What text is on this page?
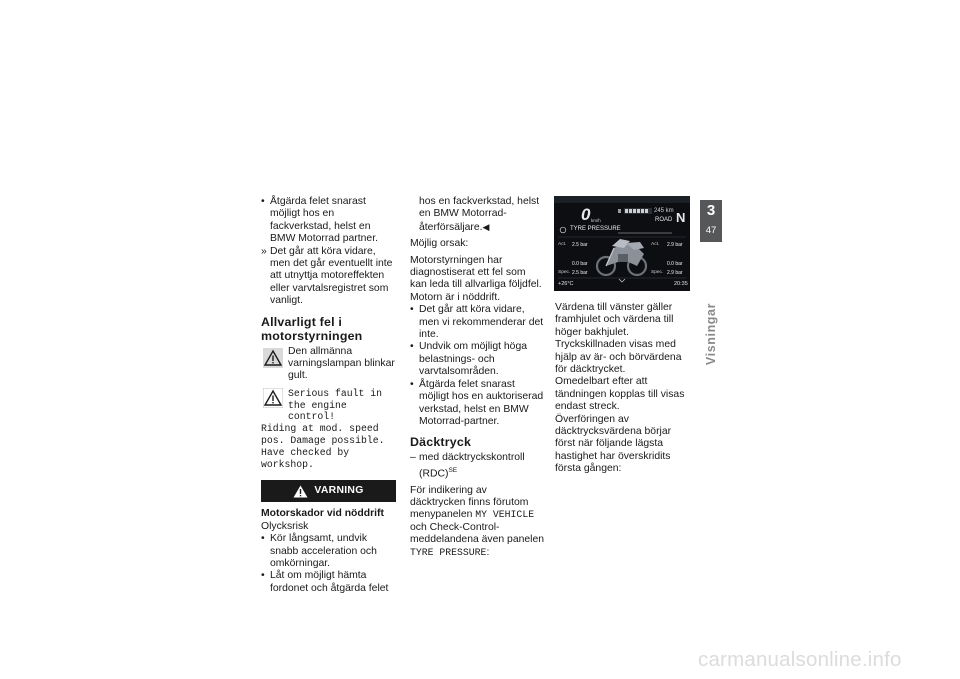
• Åtgärda felet snarast möjligt hos en fackverkstad, helst en BMW Motorrad partner.
» Det går att köra vidare, men det går eventuellt inte att utnyttja motoreffekten eller varvtalsregistret som vanligt.
Allvarligt fel i motorstyrningen
Den allmänna varningslampan blinkar gult.
Serious fault in the engine control!
Riding at mod. speed pos. Damage possible. Have checked by workshop.
VARNING
Motorskador vid nöddrift
Olycksrisk
• Kör långsamt, undvik snabb acceleration och omkörningar.
• Låt om möjligt hämta fordonet och åtgärda felet
hos en fackverkstad, helst en BMW Motorrad-återförsäljare.◀

Möjlig orsak:

Motorstyrningen har diagnostiserat ett fel som kan leda till allvarliga följdfel. Motorn är i nöddrift.

• Det går att köra vidare, men vi rekommenderar det inte.
• Undvik om möjligt höga belastnings- och varvtalsområden.
• Åtgärda felet snarast möjligt hos en auktoriserad verkstad, helst en BMW Motorrad-partner.
Däcktryck
– med däcktryckskontroll (RDC)$^{SE}$

För indikering av däcktrycken finns förutom menypanelen MY VEHICLE och Check-Control-meddelandena även panelen TYRE PRESSURE:

0 km/h
245 km
ROAD N
TYRE PRESSURE
Act. 2.5 bar	Act. 2.9 bar
0.0 bar	0.0 bar
Spec. 2.5 bar	Spec. 2.9 bar
+26°C	20:35

Värdena till vänster gäller framhjulet och värdena till höger bakhjulet.

Tryckskillnaden visas med hjälp av är- och börvärdena för däcktrycket.

Omedelbart efter att tändningen kopplas till visas endast streck.

Överföringen av däcktrycksvärdena börjar först när följande lägsta hastighet har överskridits första gången:

3
47
Visningar
carmanualsonline.info
